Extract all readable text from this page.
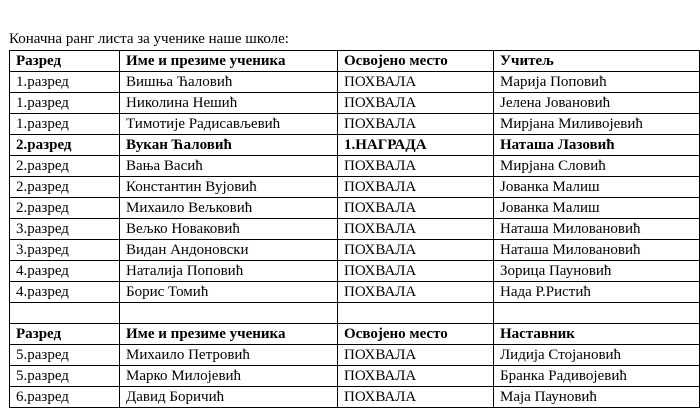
Коначна ранг листа за ученике наше школе:
Разред	Име и презиме ученика	Освојено место	Учитељ
1.разред	Вишња Ћаловић	ПОХВАЛА	Марија Поповић
1.разред	Николина Нешић	ПОХВАЛА	Јелена Јовановић
1.разред	Тимотије Радисављевић	ПОХВАЛА	Мирјана Миливојевић
2.разред	Вукан Ћаловић	1.НАГРАДА	Наташа Лазовић
2.разред	Вања Васић	ПОХВАЛА	Мирјана Словић
2.разред	Константин Вујовић	ПОХВАЛА	Јованка Малиш
2.разред	Михаило Вељковић	ПОХВАЛА	Јованка Малиш
3.разред	Вељко Новаковић	ПОХВАЛА	Наташа Миловановић
3.разред	Видан Андоновски	ПОХВАЛА	Наташа Миловановић
4.разред	Наталија Поповић	ПОХВАЛА	Зорица Пауновић
4.разред	Борис Томић	ПОХВАЛА	Нада Р.Ристић

Разред	Име и презиме ученика	Освојено место	Наставник
5.разред	Михаило Петровић	ПОХВАЛА	Лидија Стојановић
5.разред	Марко Милојевић	ПОХВАЛА	Бранка Радивојевић
6.разред	Давид Боричић	ПОХВАЛА	Маја Пауновић
